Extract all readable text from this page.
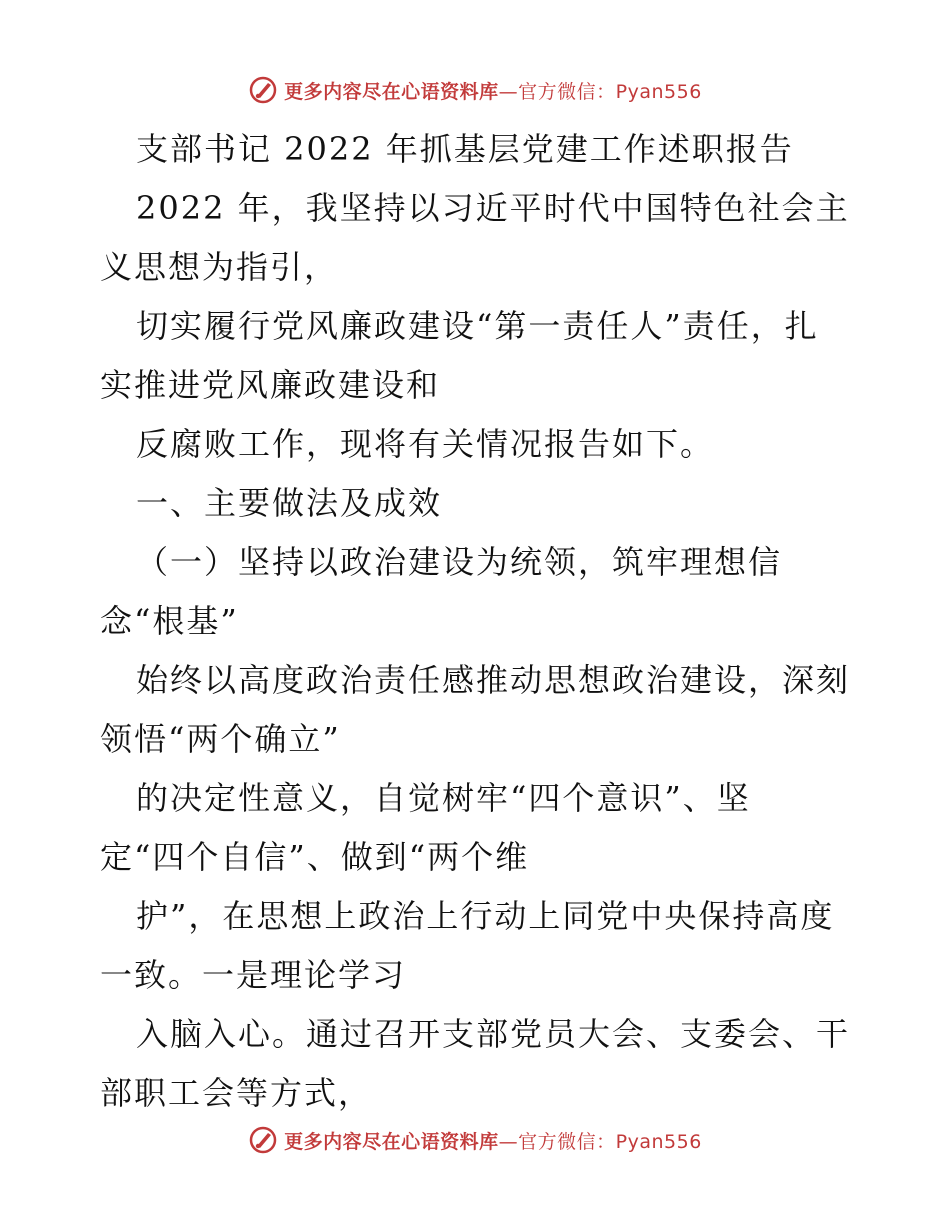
更多内容尽在心语资料库—官方微信：Pyan556
支部书记 2022 年抓基层党建工作述职报告
2022 年，我坚持以习近平时代中国特色社会主
义思想为指引，
切实履行党风廉政建设“第一责任人”责任，扎
实推进党风廉政建设和
反腐败工作，现将有关情况报告如下。
一、主要做法及成效
（一）坚持以政治建设为统领，筑牢理想信
念“根基”
始终以高度政治责任感推动思想政治建设，深刻
领悟“两个确立”
的决定性意义，自觉树牢“四个意识”、坚
定“四个自信”、做到“两个维
护”，在思想上政治上行动上同党中央保持高度
一致。一是理论学习
入脑入心。通过召开支部党员大会、支委会、干
部职工会等方式，
更多内容尽在心语资料库—官方微信：Pyan556
